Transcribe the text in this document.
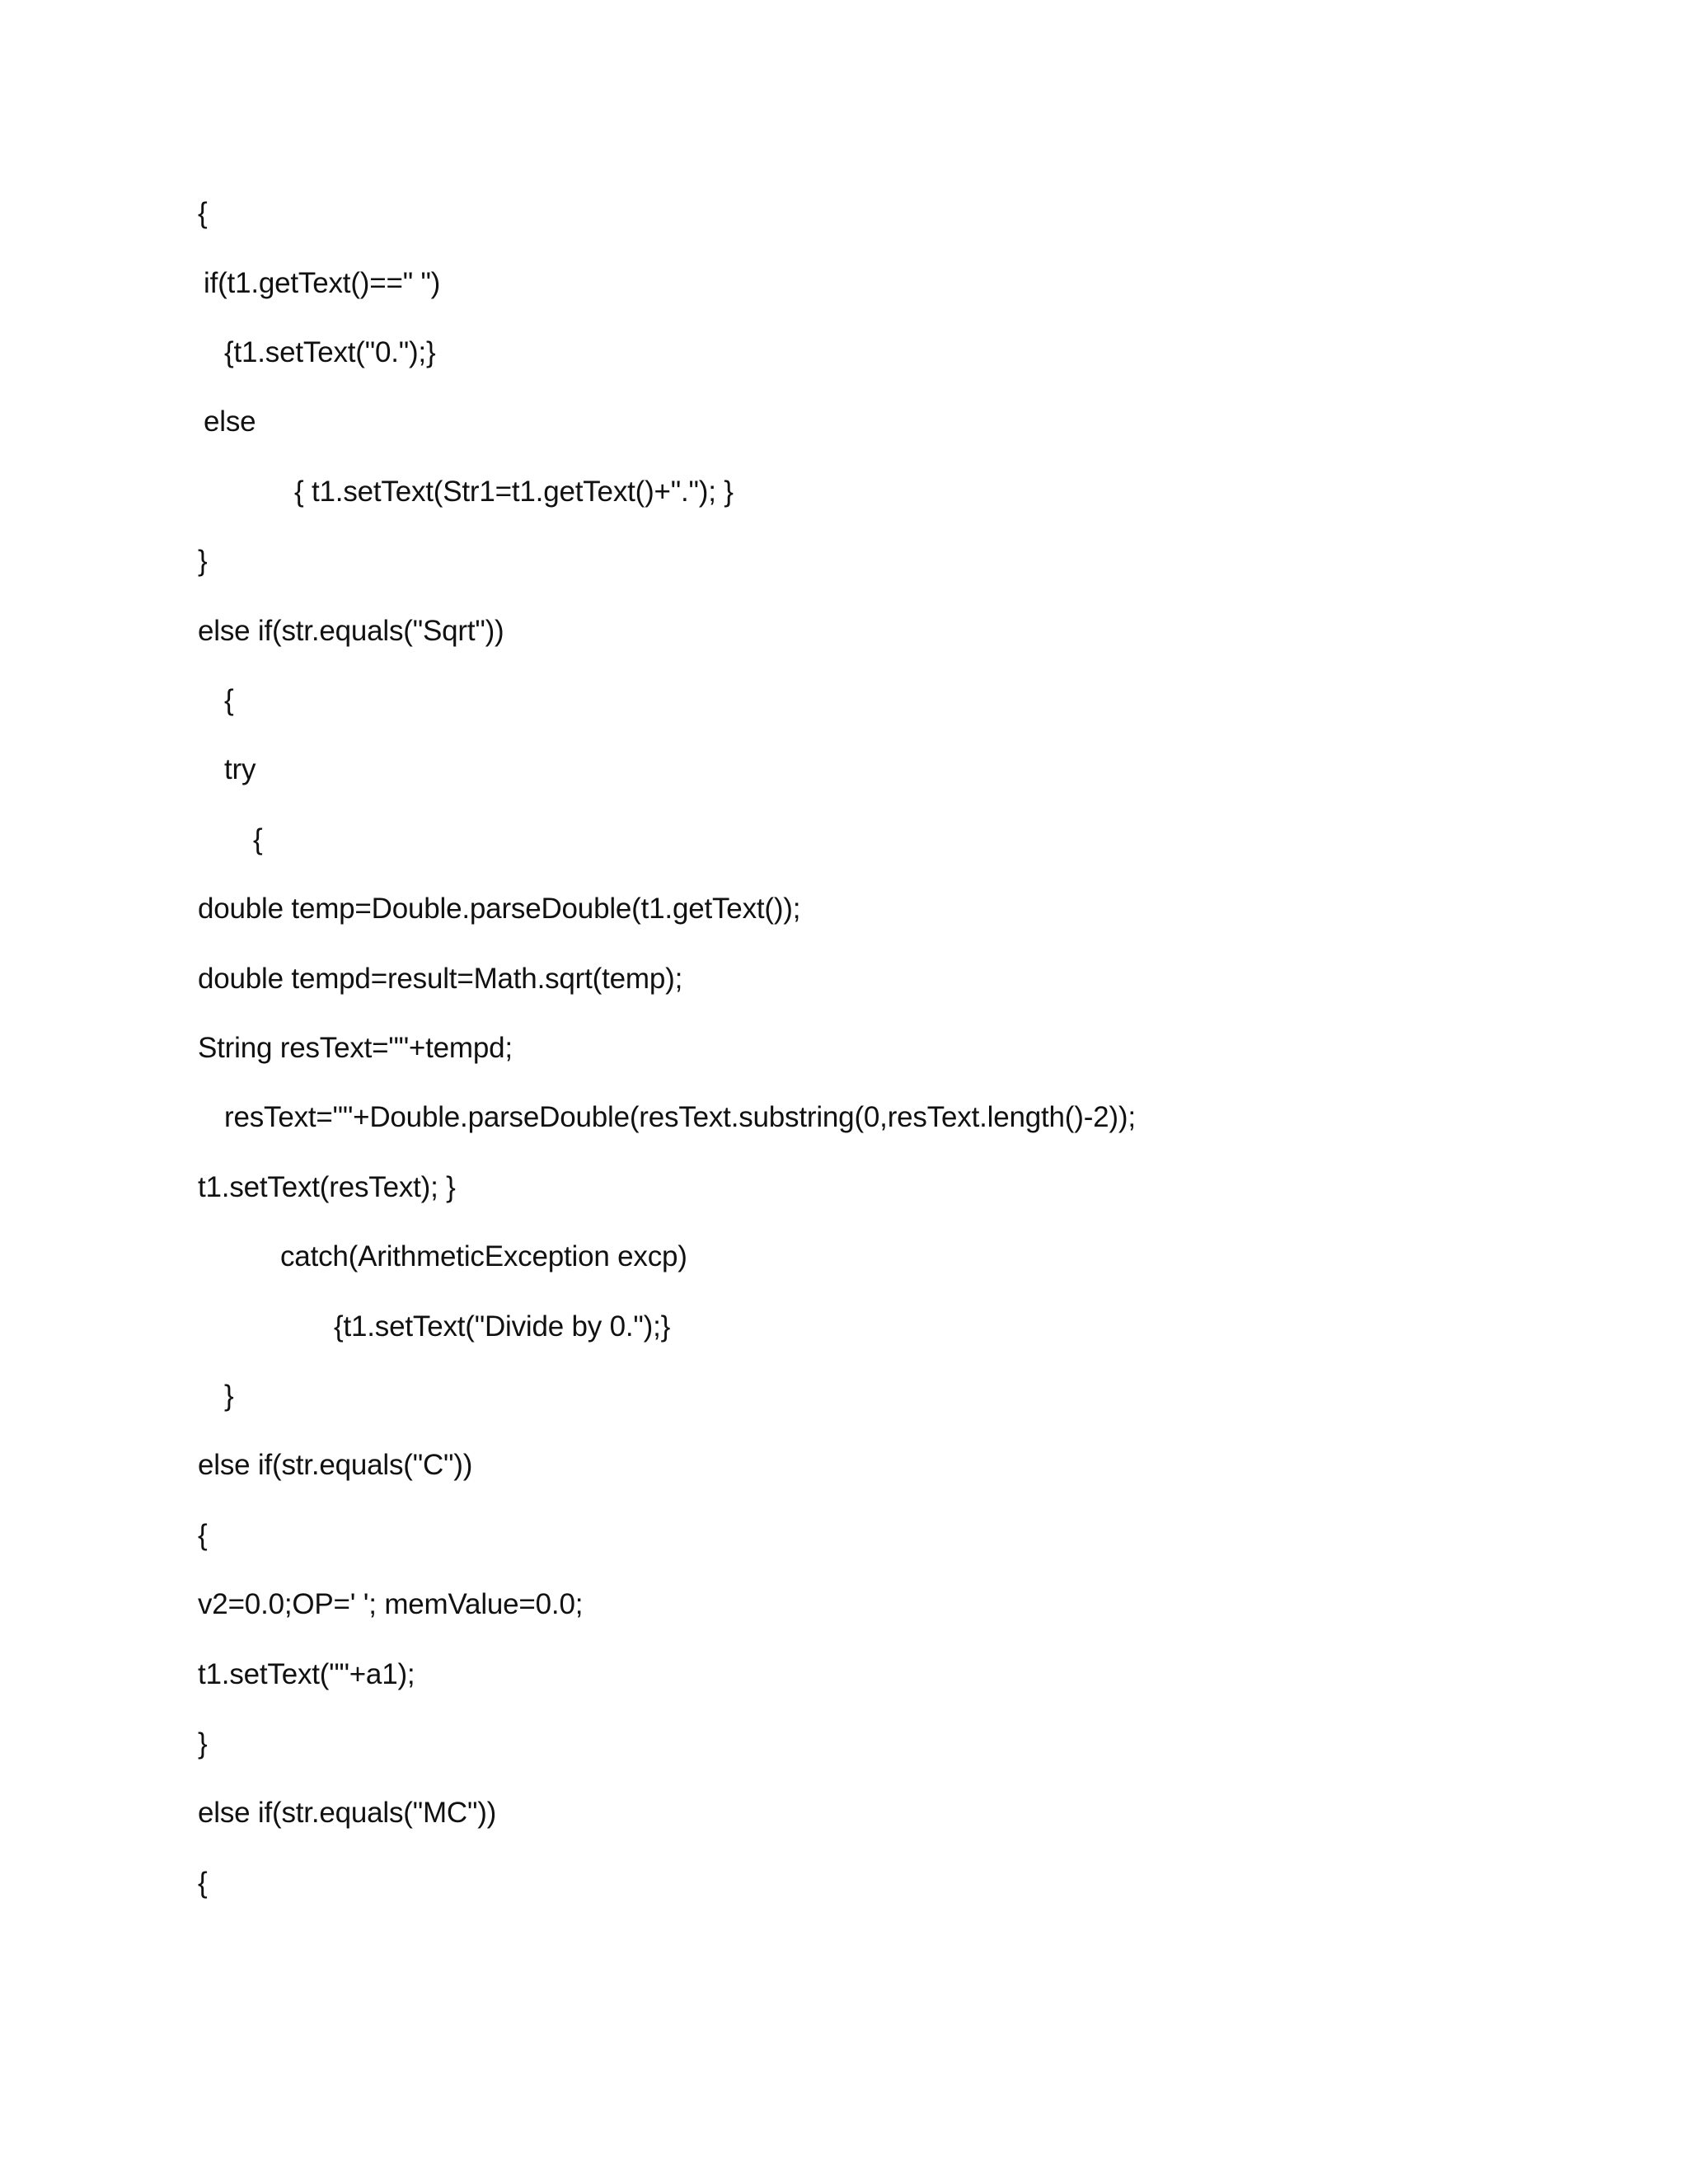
{
if(t1.getText()==" ")
{t1.setText("0.");}
else
{ t1.setText(Str1=t1.getText()+"."); }
}
else if(str.equals("Sqrt"))
{
try
{
double temp=Double.parseDouble(t1.getText());
double tempd=result=Math.sqrt(temp);
String resText=""+tempd;
resText=""+Double.parseDouble(resText.substring(0,resText.length()-2));
t1.setText(resText); }
catch(ArithmeticException excp)
{t1.setText("Divide by 0.");}
}
else if(str.equals("C"))
{
v2=0.0;OP=' '; memValue=0.0;
t1.setText(""+a1);
}
else if(str.equals("MC"))
{
